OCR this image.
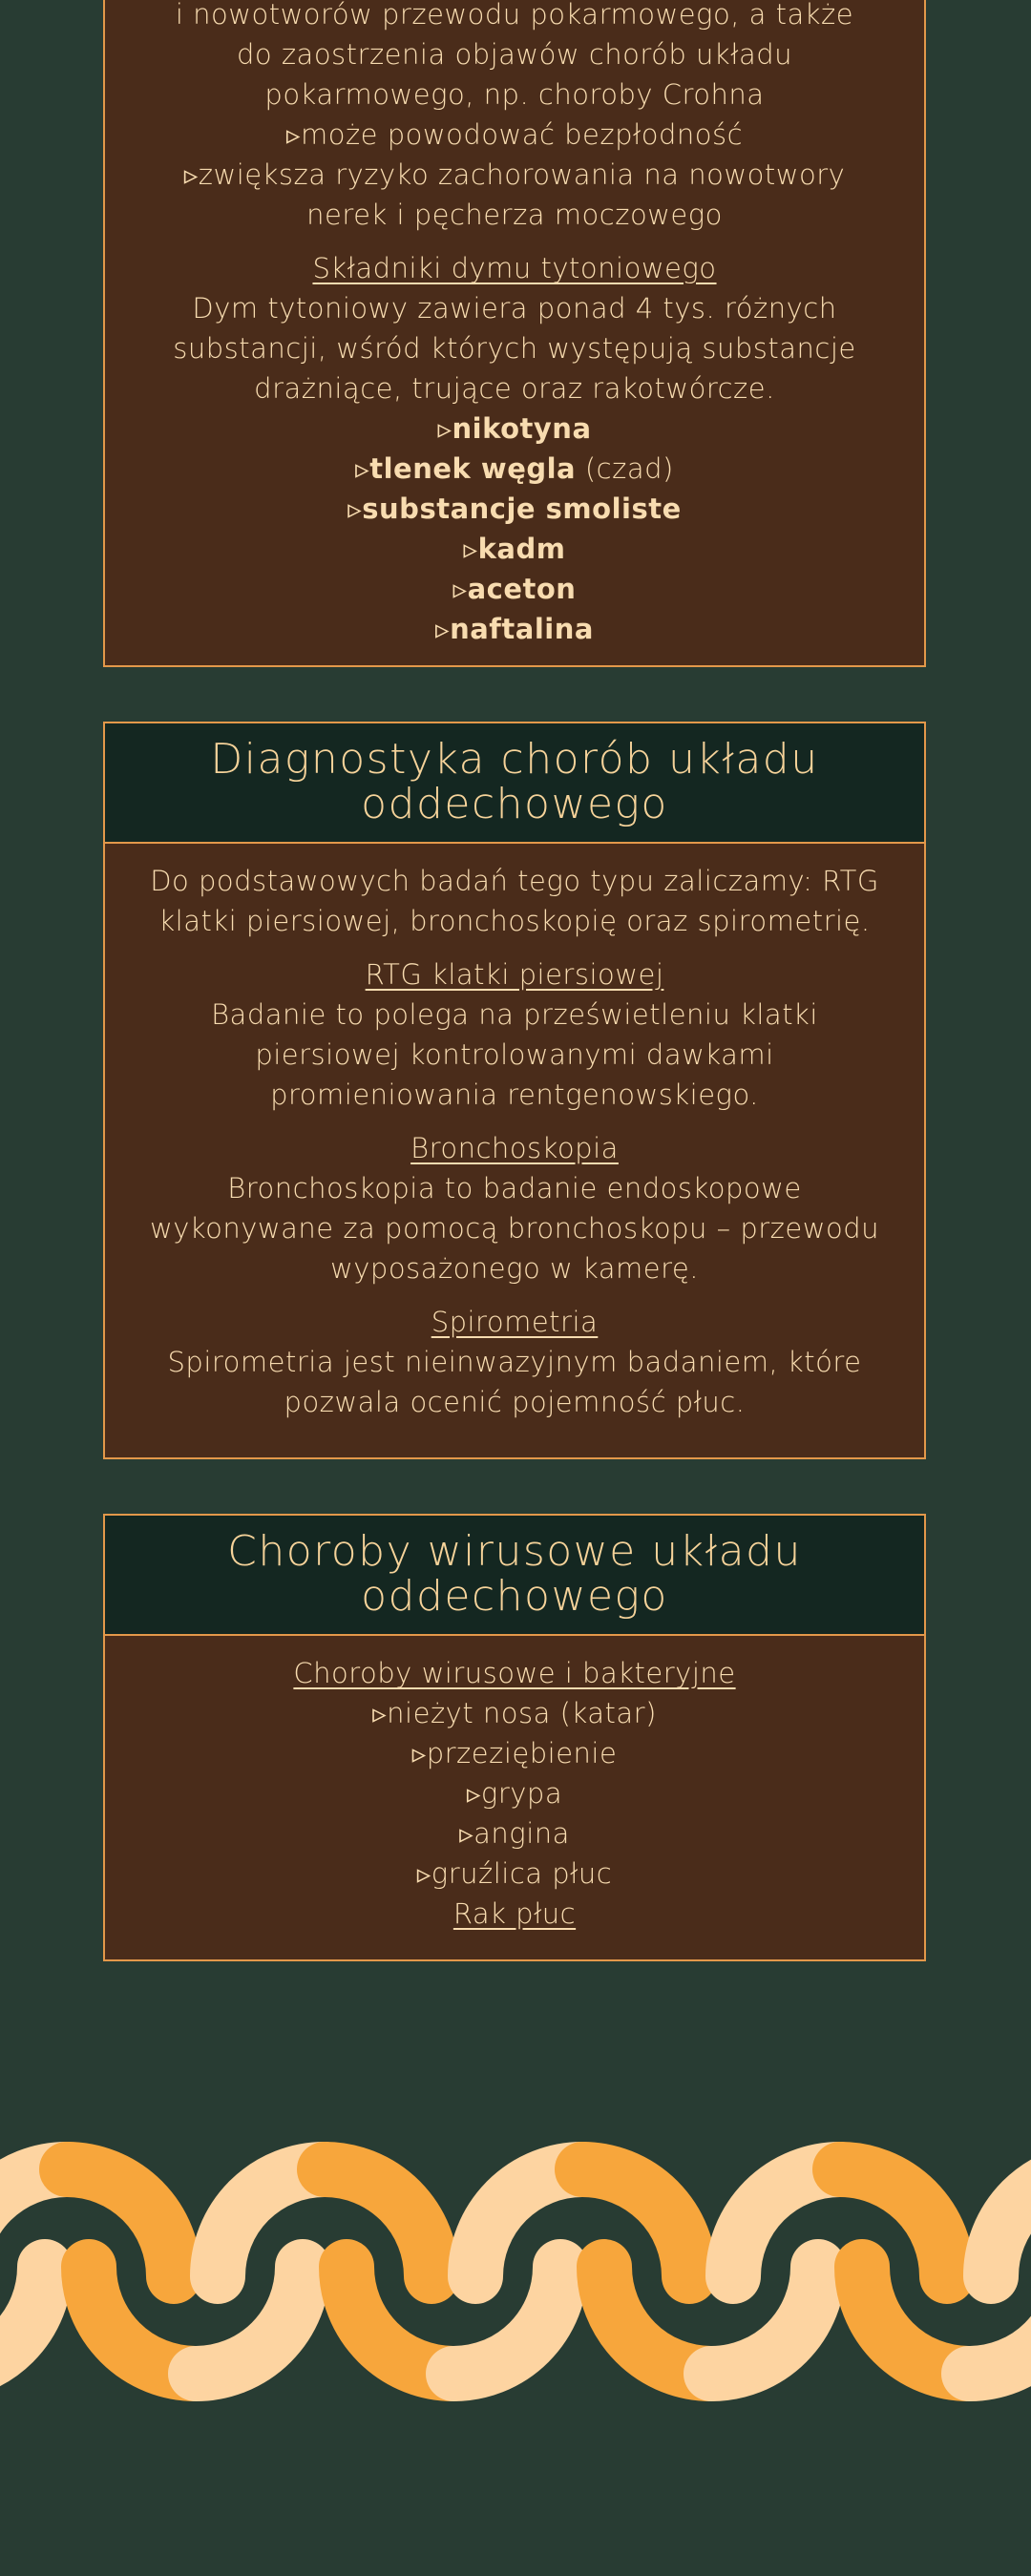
i nowotworów przewodu pokarmowego, a także

do zaostrzenia objawów chorób układu

pokarmowego, np. choroby Crohna

▹może powodować bezpłodność

▹zwiększa ryzyko zachorowania na nowotwory

nerek i pęcherza moczowego

Składniki dymu tytoniowego

Dym tytoniowy zawiera ponad 4 tys. różnych substancji, wśród których występują substancje drażniące, trujące oraz rakotwórcze.

▹nikotyna

▹tlenek węgla (czad)

▹substancje smoliste

▹kadm

▹aceton

▹naftalina

Diagnostyka chorób układu oddechowego

Do podstawowych badań tego typu zaliczamy: RTG klatki piersiowej, bronchoskopię oraz spirometrię.

RTG klatki piersiowej

Badanie to polega na prześwietleniu klatki piersiowej kontrolowanymi dawkami promieniowania rentgenowskiego.

Bronchoskopia

Bronchoskopia to badanie endoskopowe wykonywane za pomocą bronchoskopu – przewodu wyposażonego w kamerę.

Spirometria

Spirometria jest nieinwazyjnym badaniem, które pozwala ocenić pojemność płuc.

Choroby wirusowe układu oddechowego

Choroby wirusowe i bakteryjne

▹nieżyt nosa (katar)

▹przeziębienie

▹grypa

▹angina

▹gruźlica płuc

Rak płuc
